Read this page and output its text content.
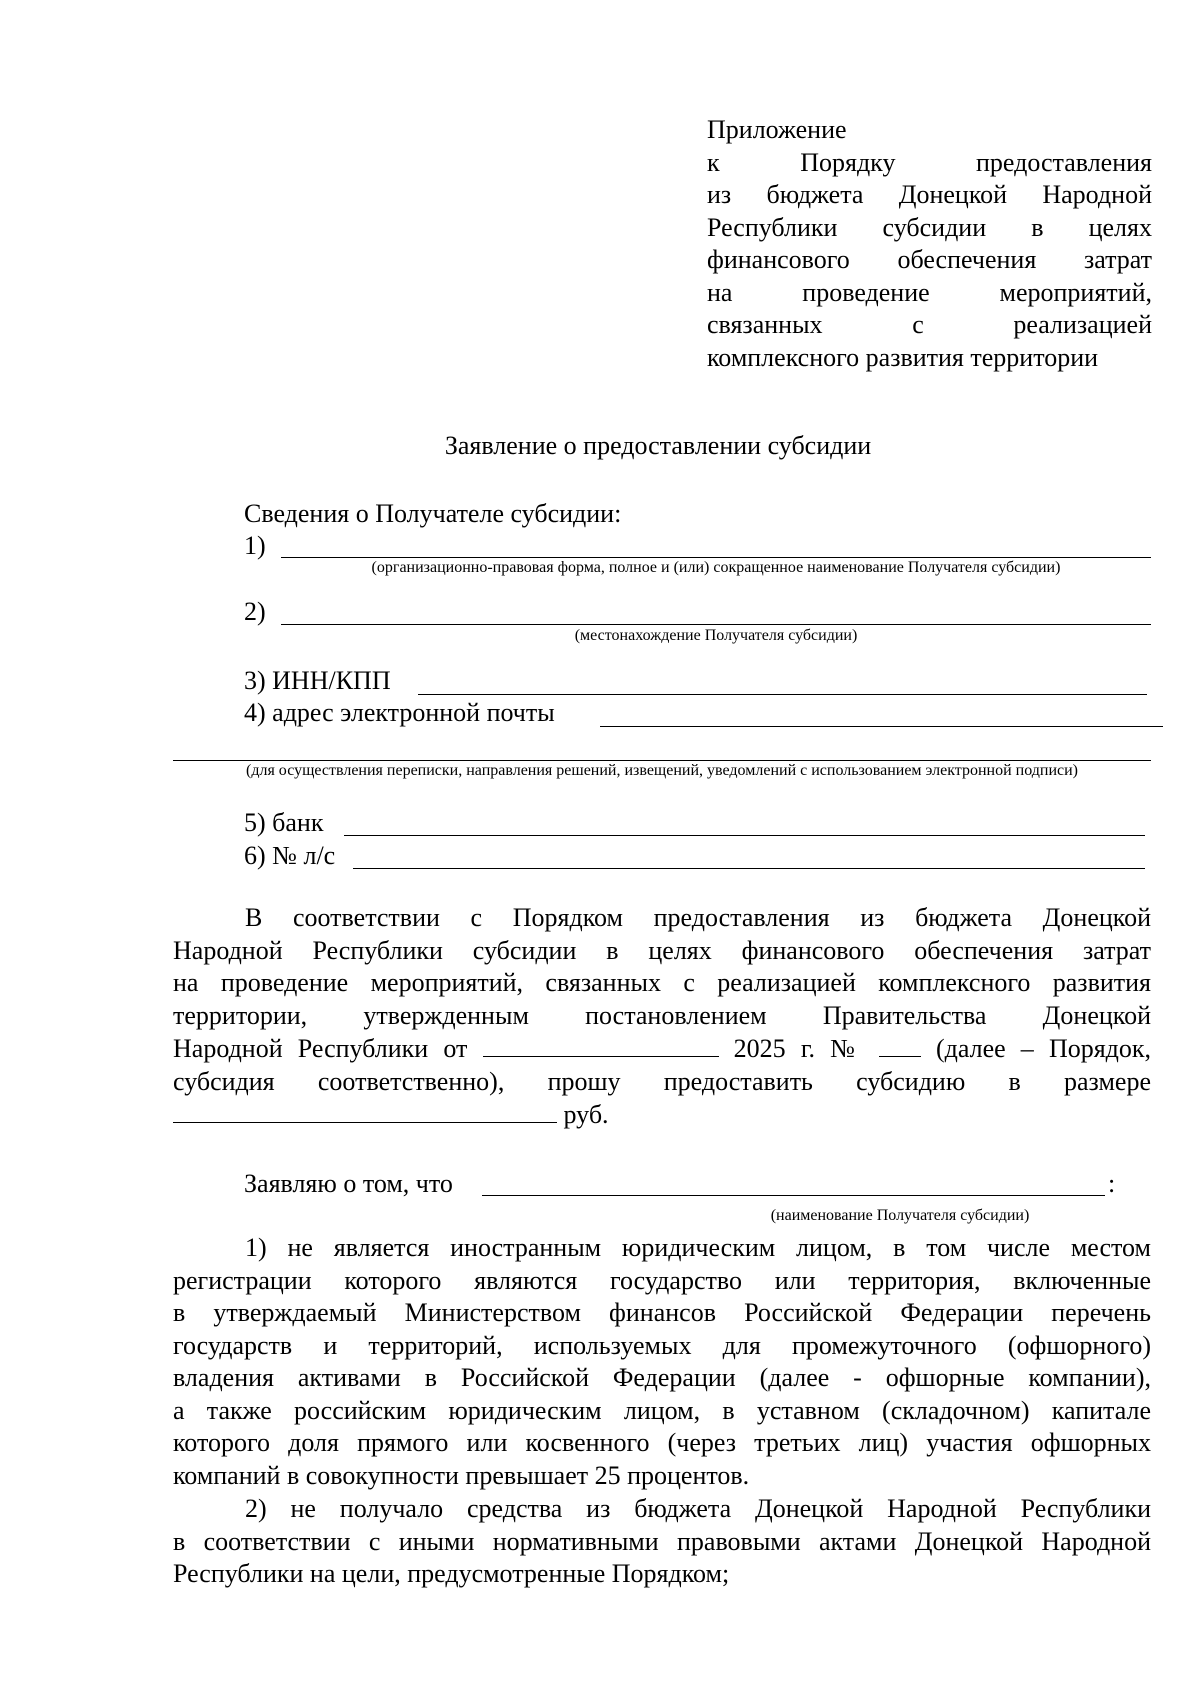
Приложение
к Порядку предоставления
из бюджета Донецкой Народной
Республики субсидии в целях
финансового обеспечения затрат
на проведение мероприятий,
связанных с реализацией
комплексного развития территории
Заявление о предоставлении субсидии
Сведения о Получателе субсидии:
1)
(организационно-правовая форма, полное и (или) сокращенное наименование Получателя субсидии)
2)
(местонахождение Получателя субсидии)
3) ИНН/КПП
4) адрес электронной почты
(для осуществления переписки, направления решений, извещений, уведомлений с использованием электронной подписи)
5) банк
6) № л/с
В соответствии с Порядком предоставления из бюджета Донецкой
Народной Республики субсидии в целях финансового обеспечения затрат
на проведение мероприятий, связанных с реализацией комплексного развития
территории, утвержденным постановлением Правительства Донецкой
Народной Республики от	2025 г. №	(далее – Порядок,
субсидия соответственно), прошу предоставить субсидию в размере
руб.
Заявляю о том, что	:
(наименование Получателя субсидии)
1) не является иностранным юридическим лицом, в том числе местом
регистрации которого являются государство или территория, включенные
в утверждаемый Министерством финансов Российской Федерации перечень
государств и территорий, используемых для промежуточного (офшорного)
владения активами в Российской Федерации (далее - офшорные компании),
а также российским юридическим лицом, в уставном (складочном) капитале
которого доля прямого или косвенного (через третьих лиц) участия офшорных
компаний в совокупности превышает 25 процентов.
2) не получало средства из бюджета Донецкой Народной Республики
в соответствии с иными нормативными правовыми актами Донецкой Народной
Республики на цели, предусмотренные Порядком;
